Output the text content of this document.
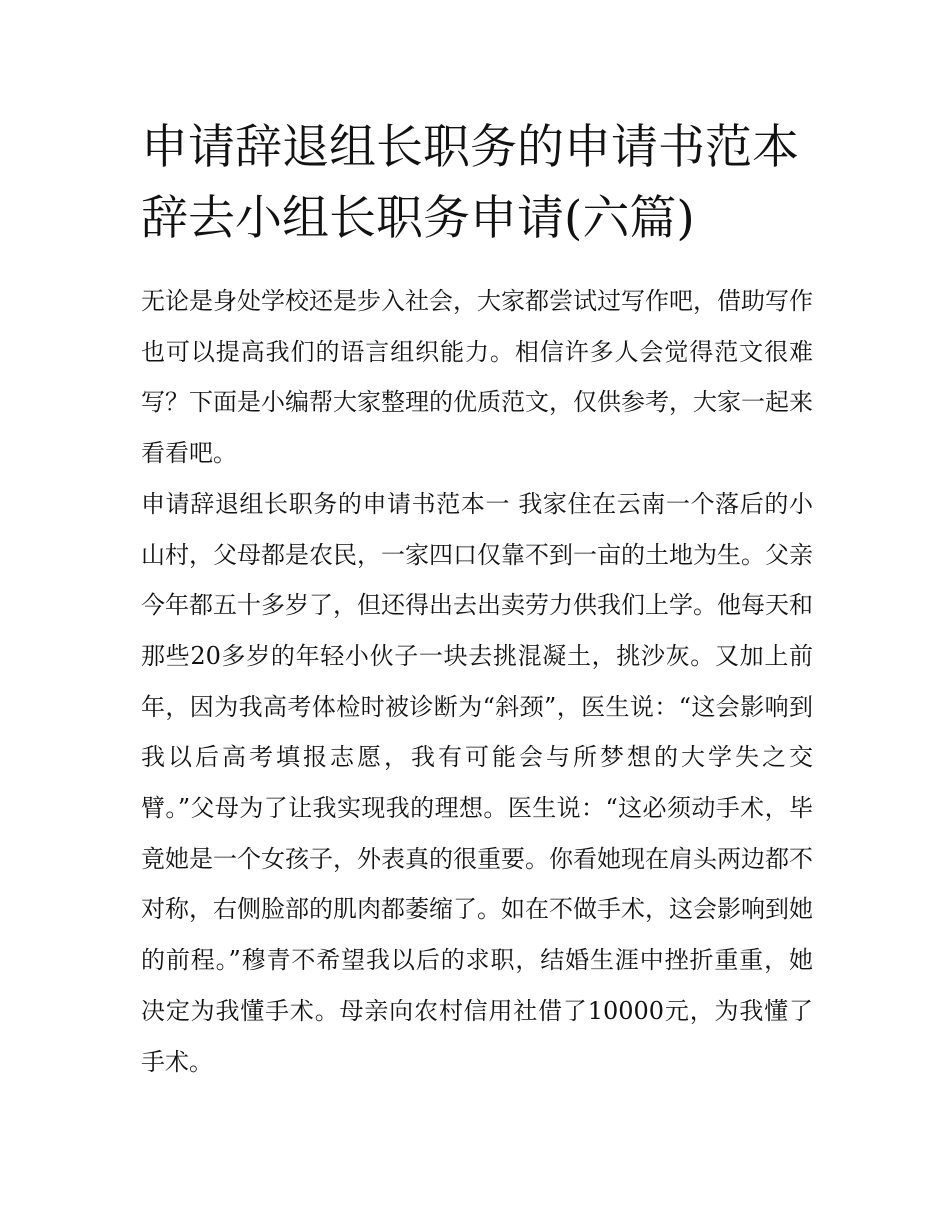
申请辞退组长职务的申请书范本 辞去小组长职务申请(六篇)

无论是身处学校还是步入社会，大家都尝试过写作吧，借助写作也可以提高我们的语言组织能力。相信许多人会觉得范文很难写？下面是小编帮大家整理的优质范文，仅供参考，大家一起来看看吧。

申请辞退组长职务的申请书范本一 我家住在云南一个落后的小山村，父母都是农民，一家四口仅靠不到一亩的土地为生。父亲今年都五十多岁了，但还得出去出卖劳力供我们上学。他每天和那些20多岁的年轻小伙子一块去挑混凝土，挑沙灰。又加上前年，因为我高考体检时被诊断为“斜颈”，医生说：“这会影响到我以后高考填报志愿，我有可能会与所梦想的大学失之交臂。”父母为了让我实现我的理想。医生说：“这必须动手术，毕竟她是一个女孩子，外表真的很重要。你看她现在肩头两边都不对称，右侧脸部的肌肉都萎缩了。如在不做手术，这会影响到她的前程。”穆青不希望我以后的求职，结婚生涯中挫折重重，她决定为我懂手术。母亲向农村信用社借了10000元，为我懂了手术。
